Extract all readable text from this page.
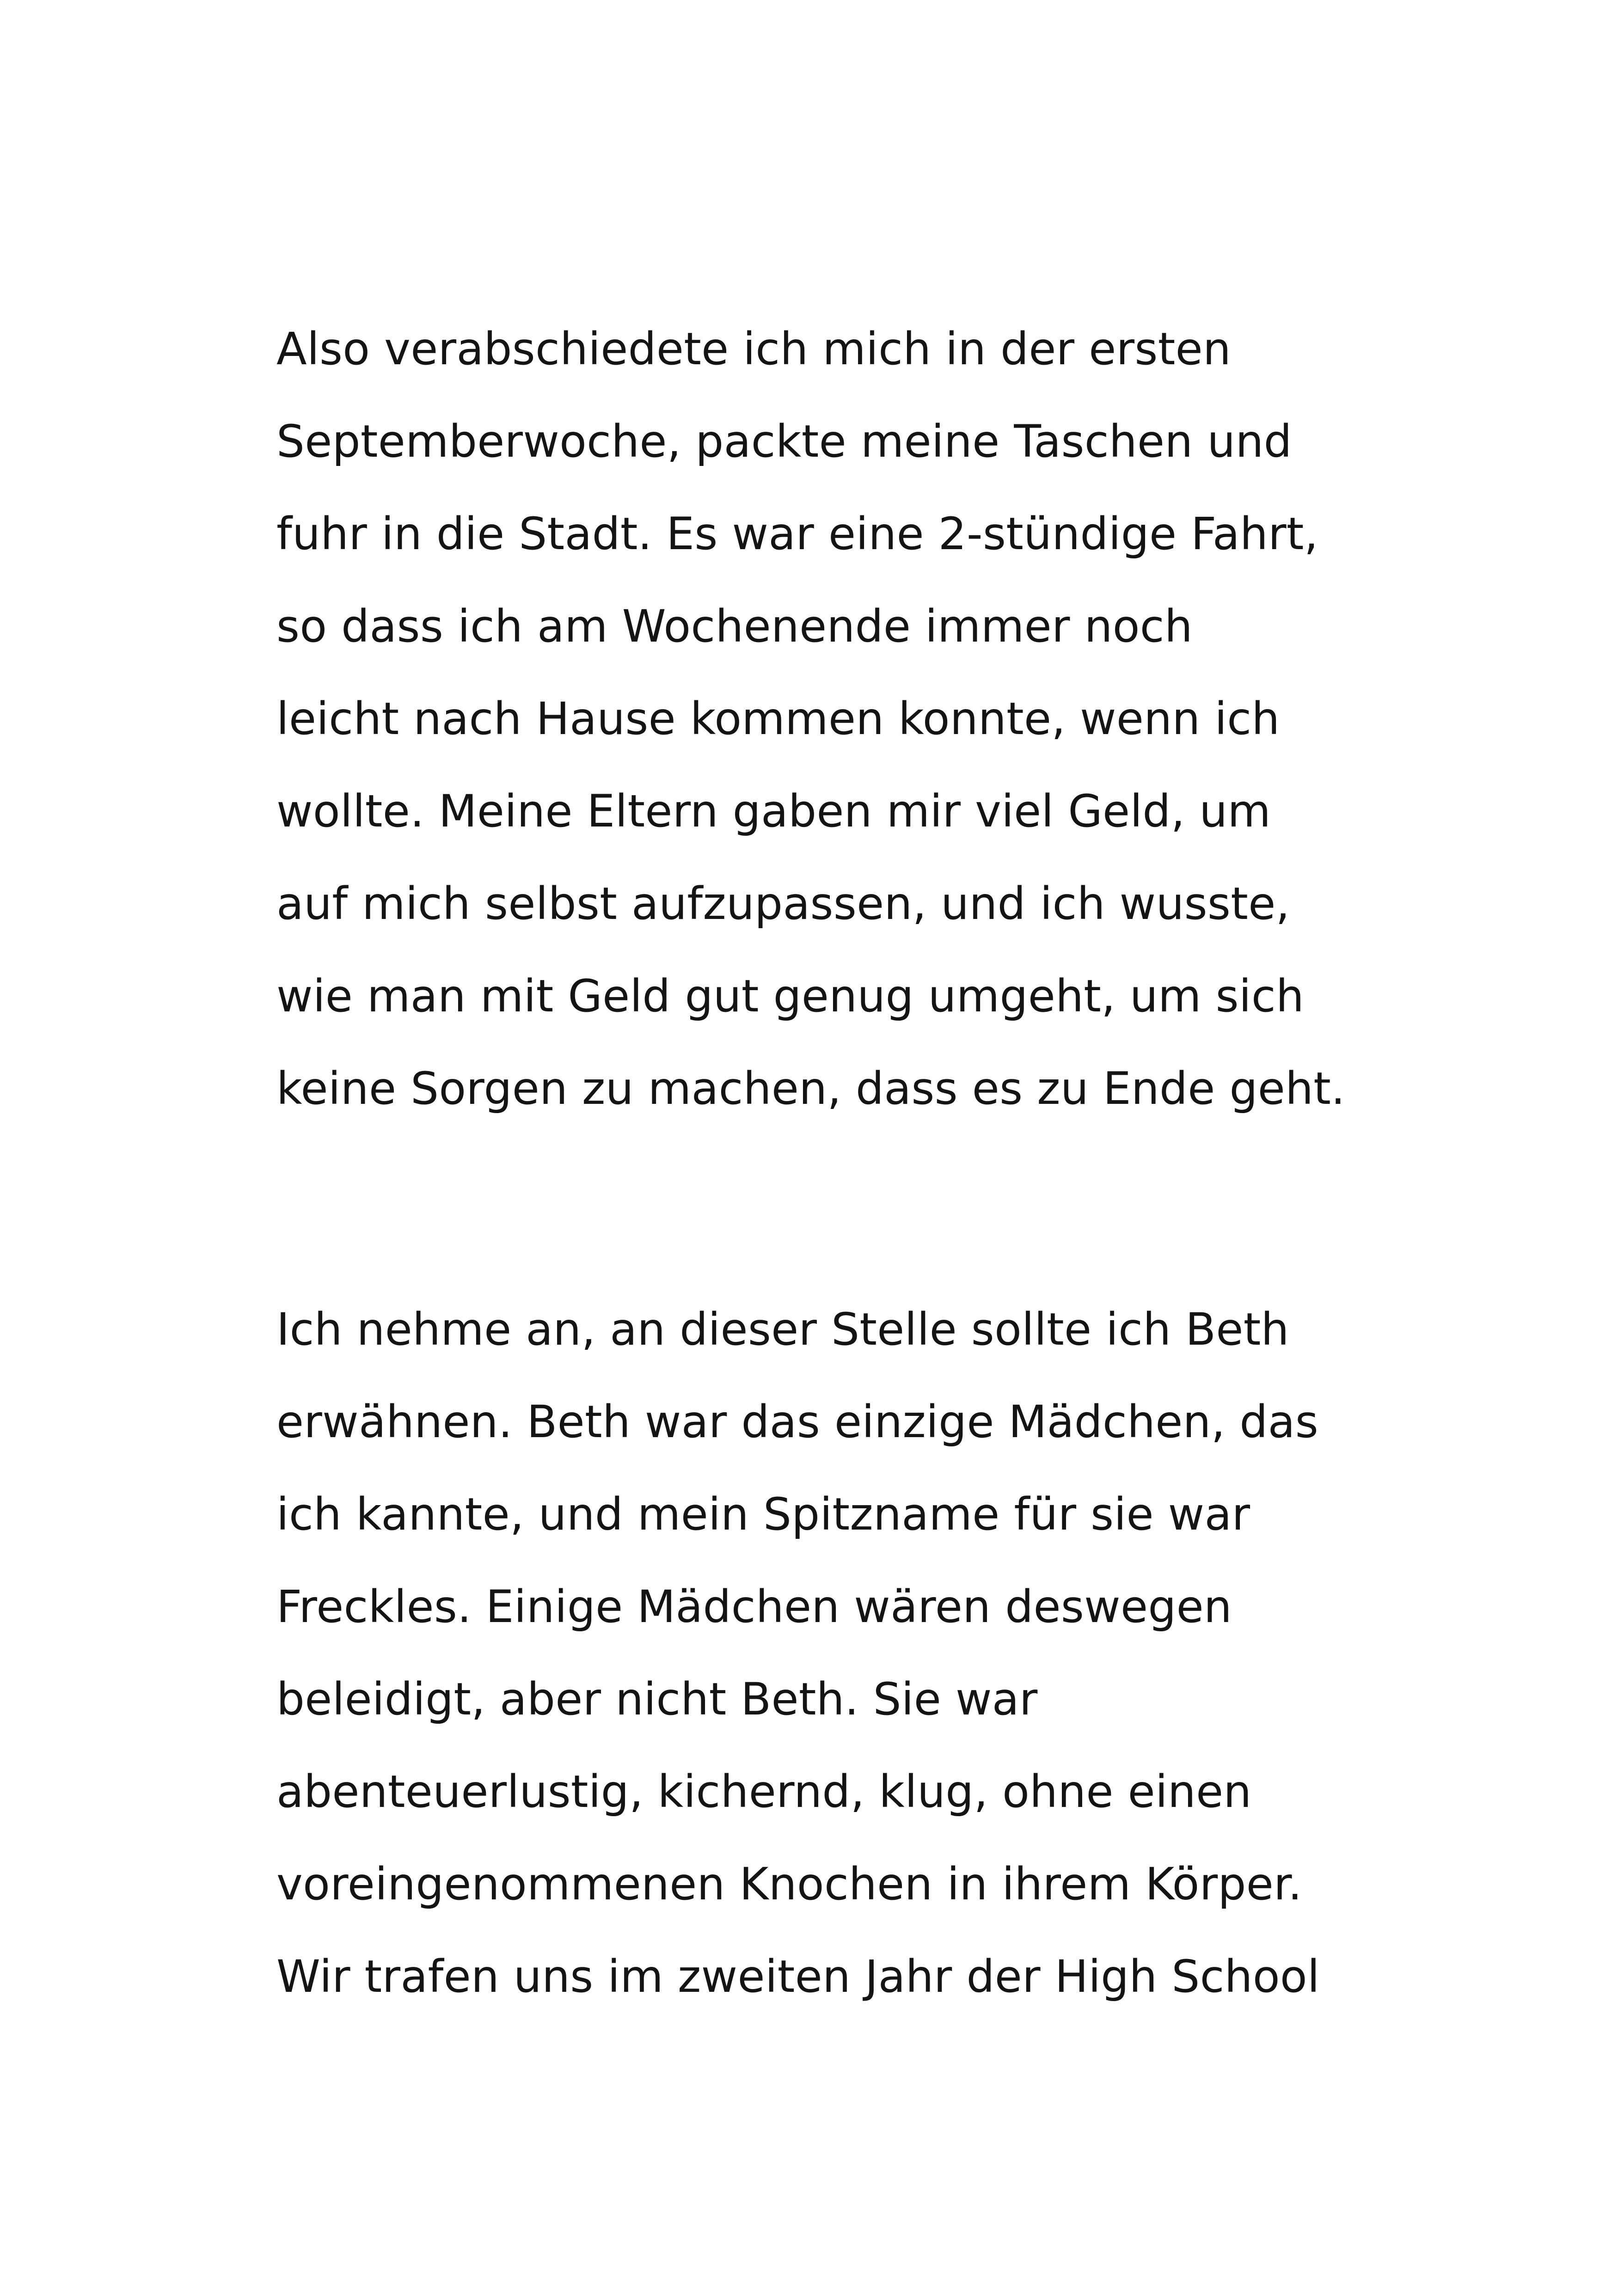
Also verabschiedete ich mich in der ersten
Septemberwoche, packte meine Taschen und
fuhr in die Stadt. Es war eine 2-stündige Fahrt,
so dass ich am Wochenende immer noch
leicht nach Hause kommen konnte, wenn ich
wollte. Meine Eltern gaben mir viel Geld, um
auf mich selbst aufzupassen, und ich wusste,
wie man mit Geld gut genug umgeht, um sich
keine Sorgen zu machen, dass es zu Ende geht.
Ich nehme an, an dieser Stelle sollte ich Beth
erwähnen. Beth war das einzige Mädchen, das
ich kannte, und mein Spitzname für sie war
Freckles. Einige Mädchen wären deswegen
beleidigt, aber nicht Beth. Sie war
abenteuerlustig, kichernd, klug, ohne einen
voreingenommenen Knochen in ihrem Körper.
Wir trafen uns im zweiten Jahr der High School
